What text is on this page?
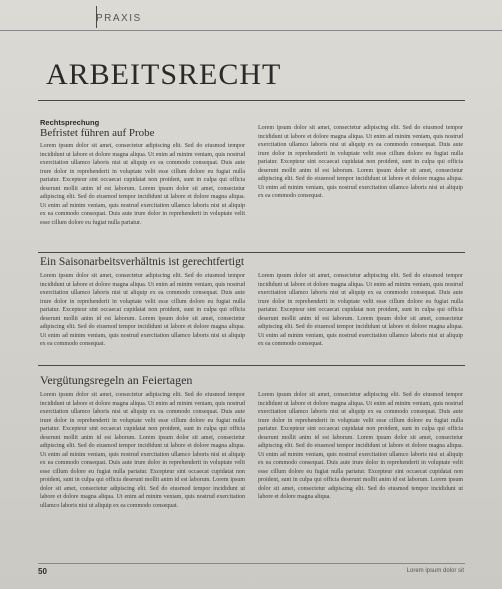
PRAXIS
ARBEITSRECHT
Rechtsprechung
Befristet führen auf Probe
Lorem ipsum dolor sit amet, consectetur adipiscing elit. Sed do eiusmod tempor incididunt ut labore et dolore magna aliqua. Ut enim ad minim veniam, quis nostrud exercitation ullamco laboris nisi ut aliquip ex ea commodo consequat. Duis aute irure dolor in reprehenderit in voluptate velit esse cillum dolore eu fugiat nulla pariatur. Excepteur sint occaecat cupidatat non proident, sunt in culpa qui officia deserunt mollit anim id est laborum. Lorem ipsum dolor sit amet, consectetur adipiscing elit. Sed do eiusmod tempor incididunt ut labore et dolore magna aliqua. Ut enim ad minim veniam, quis nostrud exercitation ullamco laboris nisi ut aliquip ex ea commodo consequat. Duis aute irure dolor in reprehenderit in voluptate velit esse cillum dolore eu fugiat nulla pariatur.
Lorem ipsum dolor sit amet, consectetur adipiscing elit. Sed do eiusmod tempor incididunt ut labore et dolore magna aliqua. Ut enim ad minim veniam, quis nostrud exercitation ullamco laboris nisi ut aliquip ex ea commodo consequat. Duis aute irure dolor in reprehenderit in voluptate velit esse cillum dolore eu fugiat nulla pariatur. Excepteur sint occaecat cupidatat non proident, sunt in culpa qui officia deserunt mollit anim id est laborum. Lorem ipsum dolor sit amet, consectetur adipiscing elit. Sed do eiusmod tempor incididunt ut labore et dolore magna aliqua. Ut enim ad minim veniam, quis nostrud exercitation ullamco laboris nisi ut aliquip ex ea commodo consequat.
Ein Saisonarbeitsverhältnis ist gerechtfertigt
Lorem ipsum dolor sit amet, consectetur adipiscing elit. Sed do eiusmod tempor incididunt ut labore et dolore magna aliqua. Ut enim ad minim veniam, quis nostrud exercitation ullamco laboris nisi ut aliquip ex ea commodo consequat. Duis aute irure dolor in reprehenderit in voluptate velit esse cillum dolore eu fugiat nulla pariatur. Excepteur sint occaecat cupidatat non proident, sunt in culpa qui officia deserunt mollit anim id est laborum. Lorem ipsum dolor sit amet, consectetur adipiscing elit. Sed do eiusmod tempor incididunt ut labore et dolore magna aliqua. Ut enim ad minim veniam, quis nostrud exercitation ullamco laboris nisi ut aliquip ex ea commodo consequat.
Lorem ipsum dolor sit amet, consectetur adipiscing elit. Sed do eiusmod tempor incididunt ut labore et dolore magna aliqua. Ut enim ad minim veniam, quis nostrud exercitation ullamco laboris nisi ut aliquip ex ea commodo consequat. Duis aute irure dolor in reprehenderit in voluptate velit esse cillum dolore eu fugiat nulla pariatur. Excepteur sint occaecat cupidatat non proident, sunt in culpa qui officia deserunt mollit anim id est laborum. Lorem ipsum dolor sit amet, consectetur adipiscing elit. Sed do eiusmod tempor incididunt ut labore et dolore magna aliqua. Ut enim ad minim veniam, quis nostrud exercitation ullamco laboris nisi ut aliquip ex ea commodo consequat.
Vergütungsregeln an Feiertagen
Lorem ipsum dolor sit amet, consectetur adipiscing elit. Sed do eiusmod tempor incididunt ut labore et dolore magna aliqua. Ut enim ad minim veniam, quis nostrud exercitation ullamco laboris nisi ut aliquip ex ea commodo consequat. Duis aute irure dolor in reprehenderit in voluptate velit esse cillum dolore eu fugiat nulla pariatur. Excepteur sint occaecat cupidatat non proident, sunt in culpa qui officia deserunt mollit anim id est laborum. Lorem ipsum dolor sit amet, consectetur adipiscing elit. Sed do eiusmod tempor incididunt ut labore et dolore magna aliqua. Ut enim ad minim veniam, quis nostrud exercitation ullamco laboris nisi ut aliquip ex ea commodo consequat. Duis aute irure dolor in reprehenderit in voluptate velit esse cillum dolore eu fugiat nulla pariatur. Excepteur sint occaecat cupidatat non proident, sunt in culpa qui officia deserunt mollit anim id est laborum. Lorem ipsum dolor sit amet, consectetur adipiscing elit. Sed do eiusmod tempor incididunt ut labore et dolore magna aliqua. Ut enim ad minim veniam, quis nostrud exercitation ullamco laboris nisi ut aliquip ex ea commodo consequat.
Lorem ipsum dolor sit amet, consectetur adipiscing elit. Sed do eiusmod tempor incididunt ut labore et dolore magna aliqua. Ut enim ad minim veniam, quis nostrud exercitation ullamco laboris nisi ut aliquip ex ea commodo consequat. Duis aute irure dolor in reprehenderit in voluptate velit esse cillum dolore eu fugiat nulla pariatur. Excepteur sint occaecat cupidatat non proident, sunt in culpa qui officia deserunt mollit anim id est laborum. Lorem ipsum dolor sit amet, consectetur adipiscing elit. Sed do eiusmod tempor incididunt ut labore et dolore magna aliqua. Ut enim ad minim veniam, quis nostrud exercitation ullamco laboris nisi ut aliquip ex ea commodo consequat. Duis aute irure dolor in reprehenderit in voluptate velit esse cillum dolore eu fugiat nulla pariatur. Excepteur sint occaecat cupidatat non proident, sunt in culpa qui officia deserunt mollit anim id est laborum. Lorem ipsum dolor sit amet, consectetur adipiscing elit. Sed do eiusmod tempor incididunt ut labore et dolore magna aliqua.
50	Lorem ipsum dolor sit
